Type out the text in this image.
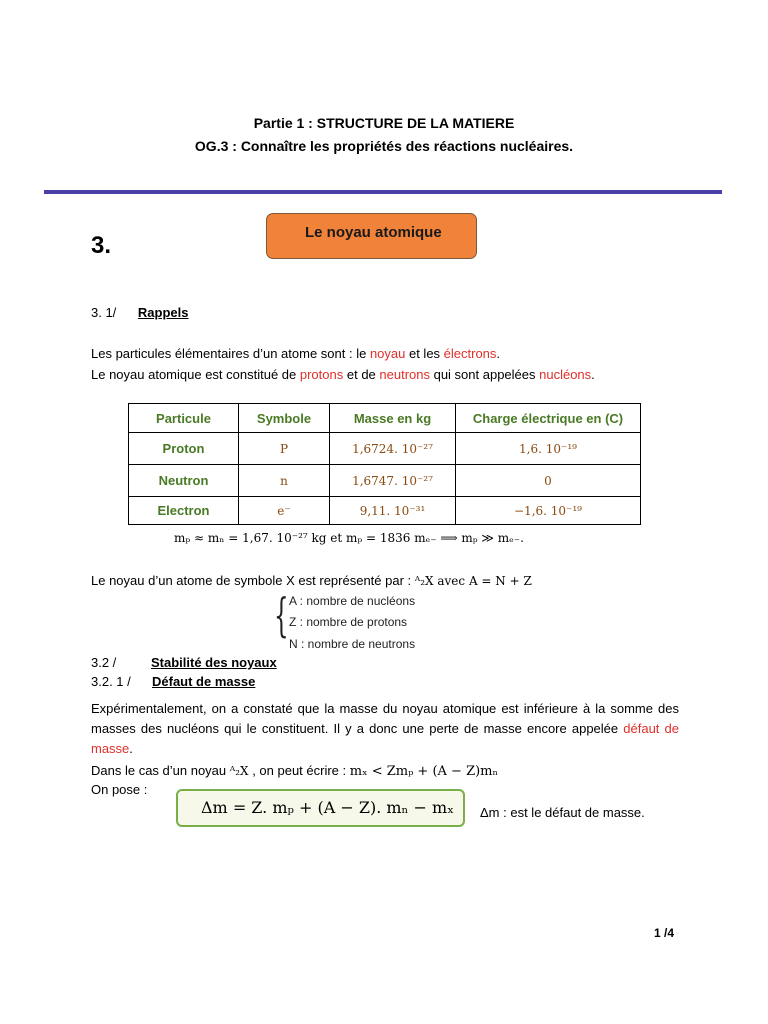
Partie 1 : STRUCTURE DE LA MATIERE
OG.3 : Connaître les propriétés des réactions nucléaires.
3.	Le noyau atomique
3. 1/ Rappels
Les particules élémentaires d’un atome sont : le noyau et les électrons.
Le noyau atomique est constitué de protons et de neutrons qui sont appelées nucléons.
Particule	Symbole	Masse en kg	Charge électrique en (C)
Proton	P	1,6724. 10⁻²⁷	1,6. 10⁻¹⁹
Neutron	n	1,6747. 10⁻²⁷	0
Electron	e⁻	9,11. 10⁻³¹	−1,6. 10⁻¹⁹
mₚ ≈ mₙ = 1,67. 10⁻²⁷ kg et mₚ = 1836 mₑ₋ ⟹ mₚ ≫ mₑ₋.
Le noyau d’un atome de symbole X est représenté par : ᴬ₂X avec A = N + Z
{ A : nombre de nucléons
Z : nombre de protons
N : nombre de neutrons
3.2 /	Stabilité des noyaux
3.2. 1 / Défaut de masse
Expérimentalement, on a constaté que la masse du noyau atomique est inférieure à la somme des masses des nucléons qui le constituent. Il y a donc une perte de masse encore appelée défaut de masse.
Dans le cas d’un noyau ᴬ₂X , on peut écrire : mₓ < Zmₚ + (A − Z)mₙ
On pose :
Δm = Z. mₚ + (A − Z). mₙ − mₓ Δm : est le défaut de masse.
1 /4
